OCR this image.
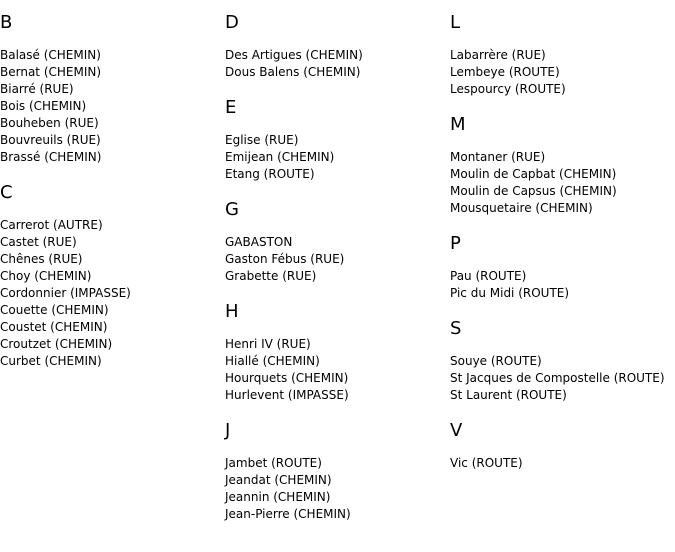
B
Balasé (CHEMIN)
Bernat (CHEMIN)
Biarré (RUE)
Bois (CHEMIN)
Bouheben (RUE)
Bouvreuils (RUE)
Brassé (CHEMIN)
C
Carrerot (AUTRE)
Castet (RUE)
Chênes (RUE)
Choy (CHEMIN)
Cordonnier (IMPASSE)
Couette (CHEMIN)
Coustet (CHEMIN)
Croutzet (CHEMIN)
Curbet (CHEMIN)
D
Des Artigues (CHEMIN)
Dous Balens (CHEMIN)
E
Eglise (RUE)
Emijean (CHEMIN)
Etang (ROUTE)
G
GABASTON
Gaston Fébus (RUE)
Grabette (RUE)
H
Henri IV (RUE)
Hiallé (CHEMIN)
Hourquets (CHEMIN)
Hurlevent (IMPASSE)
J
Jambet (ROUTE)
Jeandat (CHEMIN)
Jeannin (CHEMIN)
Jean-Pierre (CHEMIN)
L
Labarrère (RUE)
Lembeye (ROUTE)
Lespourcy (ROUTE)
M
Montaner (RUE)
Moulin de Capbat (CHEMIN)
Moulin de Capsus (CHEMIN)
Mousquetaire (CHEMIN)
P
Pau (ROUTE)
Pic du Midi (ROUTE)
S
Souye (ROUTE)
St Jacques de Compostelle (ROUTE)
St Laurent (ROUTE)
V
Vic (ROUTE)
